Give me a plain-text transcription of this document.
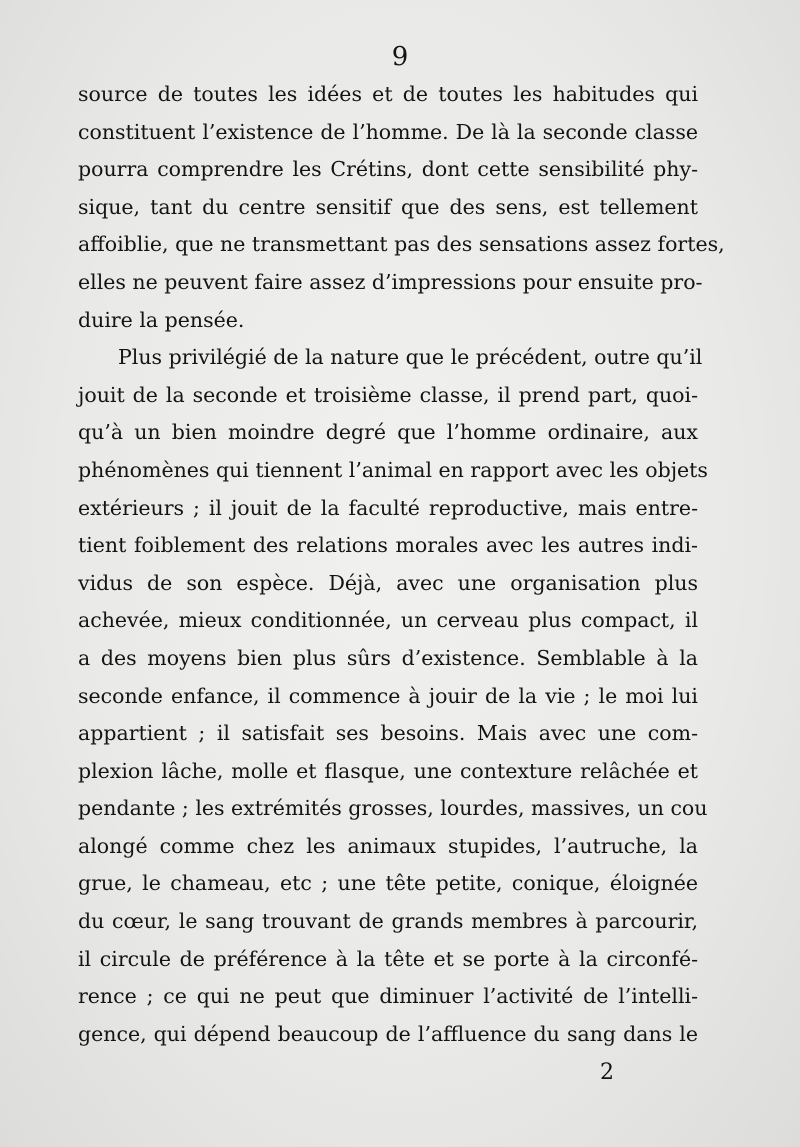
9
source de toutes les idées et de toutes les habitudes qui
constituent l’existence de l’homme. De là la seconde classe
pourra comprendre les Crétins, dont cette sensibilité phy-
sique, tant du centre sensitif que des sens, est tellement
affoiblie, que ne transmettant pas des sensations assez fortes,
elles ne peuvent faire assez d’impressions pour ensuite pro-
duire la pensée.
Plus privilégié de la nature que le précédent, outre qu’il
jouit de la seconde et troisième classe, il prend part, quoi-
qu’à un bien moindre degré que l’homme ordinaire, aux
phénomènes qui tiennent l’animal en rapport avec les objets
extérieurs ; il jouit de la faculté reproductive, mais entre-
tient foiblement des relations morales avec les autres indi-
vidus de son espèce. Déjà, avec une organisation plus
achevée, mieux conditionnée, un cerveau plus compact, il
a des moyens bien plus sûrs d’existence. Semblable à la
seconde enfance, il commence à jouir de la vie ; le moi lui
appartient ; il satisfait ses besoins. Mais avec une com-
plexion lâche, molle et flasque, une contexture relâchée et
pendante ; les extrémités grosses, lourdes, massives, un cou
alongé comme chez les animaux stupides, l’autruche, la
grue, le chameau, etc ; une tête petite, conique, éloignée
du cœur, le sang trouvant de grands membres à parcourir,
il circule de préférence à la tête et se porte à la circonfé-
rence ; ce qui ne peut que diminuer l’activité de l’intelli-
gence, qui dépend beaucoup de l’affluence du sang dans le
2
